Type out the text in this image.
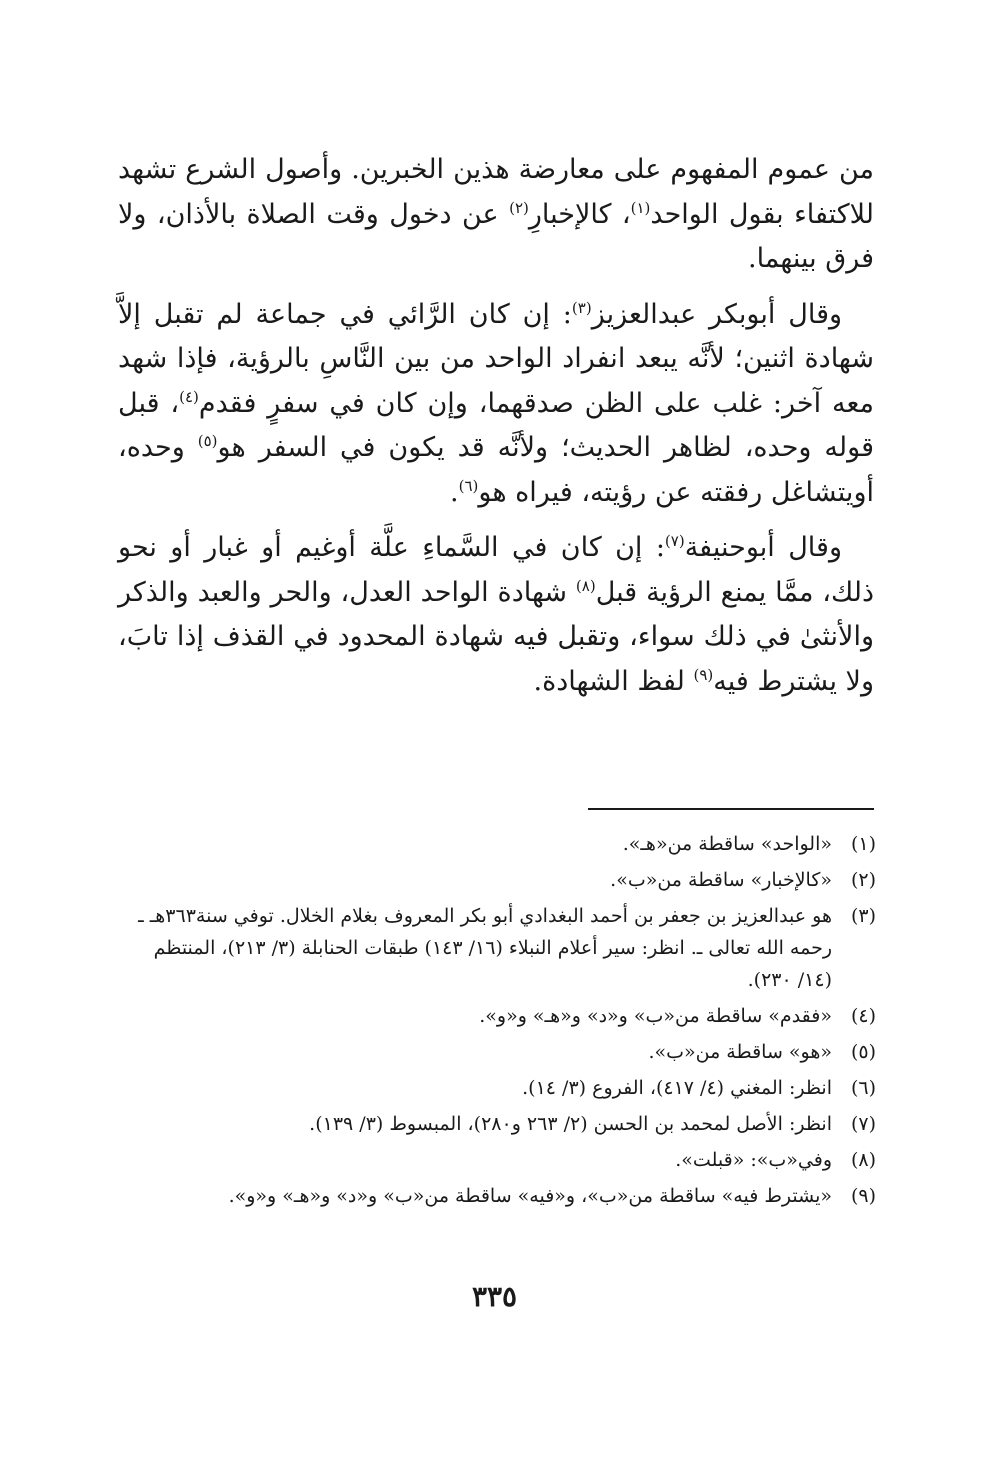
من عموم المفهوم على معارضة هذين الخبرين. وأصول الشرع تشهد للاكتفاء بقول الواحد$^{(١)}$، كالإخبارِ$^{(٢)}$ عن دخول وقت الصلاة بالأذان، ولا فرق بينهما.

وقال أبوبكر عبدالعزيز$^{(٣)}$: إن كان الرَّائي في جماعة لم تقبل إلاَّ شهادة اثنين؛ لأنَّه يبعد انفراد الواحد من بين النَّاسِ بالرؤية، فإذا شهد معه آخر: غلب على الظن صدقهما، وإن كان في سفرٍ فقدم$^{(٤)}$، قبل قوله وحده، لظاهر الحديث؛ ولأنَّه قد يكون في السفر هو$^{(٥)}$ وحده، أويتشاغل رفقته عن رؤيته، فيراه هو$^{(٦)}$.

وقال أبوحنيفة$^{(٧)}$: إن كان في السَّماءِ علَّة أوغيم أو غبار أو نحو ذلك، ممَّا يمنع الرؤية قبل$^{(٨)}$ شهادة الواحد العدل، والحر والعبد والذكر والأنثىٰ في ذلك سواء، وتقبل فيه شهادة المحدود في القذف إذا تابَ، ولا يشترط فيه$^{(٩)}$ لفظ الشهادة.

(١)
«الواحد» ساقطة من«هـ».
(٢)
«كالإخبار» ساقطة من«ب».
(٣)
هو عبدالعزيز بن جعفر بن أحمد البغدادي أبو بكر المعروف بغلام الخلال. توفي سنة٣٦٣هـ ـ رحمه الله تعالى ـ. انظر: سير أعلام النبلاء (١٦/ ١٤٣) طبقات الحنابلة (٣/ ٢١٣)، المنتظم (١٤/ ٢٣٠).
(٤)
«فقدم» ساقطة من«ب» و«د» و«هـ» و«و».
(٥)
«هو» ساقطة من«ب».
(٦)
انظر: المغني (٤/ ٤١٧)، الفروع (٣/ ١٤).
(٧)
انظر: الأصل لمحمد بن الحسن (٢/ ٢٦٣ و٢٨٠)، المبسوط (٣/ ١٣٩).
(٨)
وفي«ب»: «قبلت».
(٩)
«يشترط فيه» ساقطة من«ب»، و«فيه» ساقطة من«ب» و«د» و«هـ» و«و».
٣٣٥
